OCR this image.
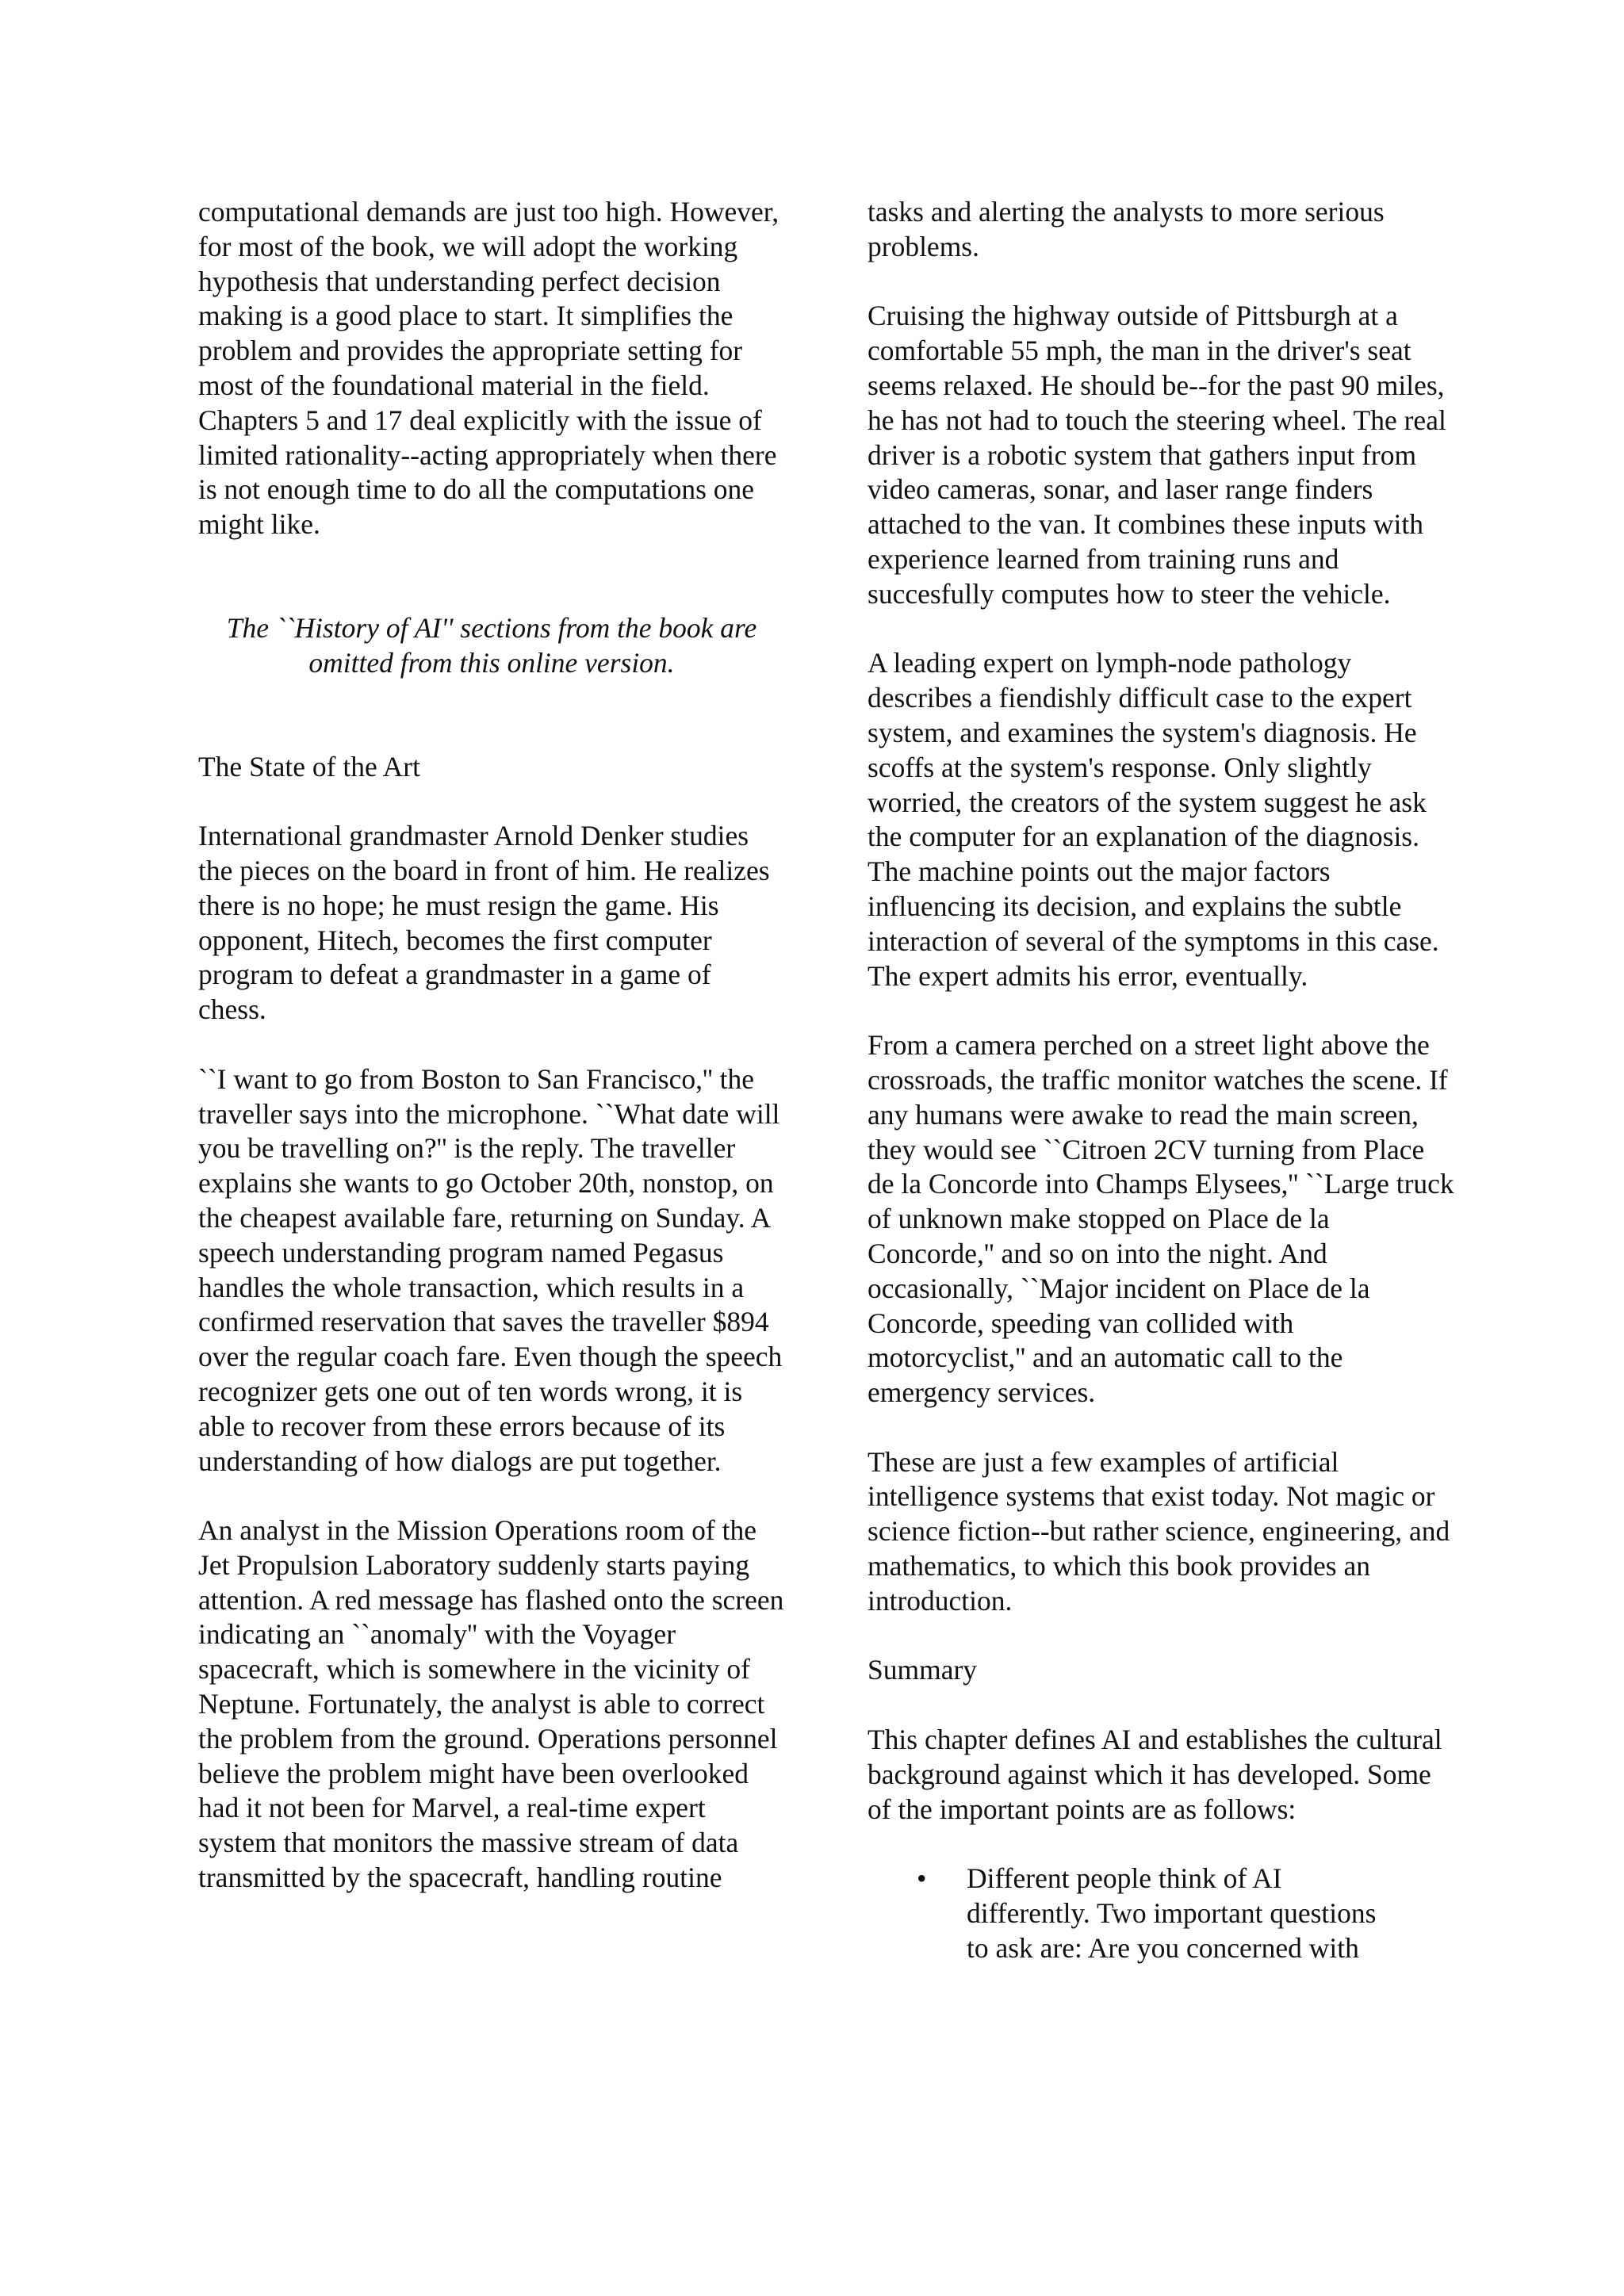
computational demands are just too high. However, for most of the book, we will adopt the working hypothesis that understanding perfect decision making is a good place to start. It simplifies the problem and provides the appropriate setting for most of the foundational material in the field. Chapters 5 and 17 deal explicitly with the issue of limited rationality--acting appropriately when there is not enough time to do all the computations one might like.

The ``History of AI'' sections from the book are omitted from this online version.

The State of the Art

International grandmaster Arnold Denker studies the pieces on the board in front of him. He realizes there is no hope; he must resign the game. His opponent, Hitech, becomes the first computer program to defeat a grandmaster in a game of chess.

``I want to go from Boston to San Francisco,'' the traveller says into the microphone. ``What date will you be travelling on?'' is the reply. The traveller explains she wants to go October 20th, nonstop, on the cheapest available fare, returning on Sunday. A speech understanding program named Pegasus handles the whole transaction, which results in a confirmed reservation that saves the traveller $894 over the regular coach fare. Even though the speech recognizer gets one out of ten words wrong, it is able to recover from these errors because of its understanding of how dialogs are put together.

An analyst in the Mission Operations room of the Jet Propulsion Laboratory suddenly starts paying attention. A red message has flashed onto the screen indicating an ``anomaly'' with the Voyager spacecraft, which is somewhere in the vicinity of Neptune. Fortunately, the analyst is able to correct the problem from the ground. Operations personnel believe the problem might have been overlooked had it not been for Marvel, a real-time expert system that monitors the massive stream of data transmitted by the spacecraft, handling routine

tasks and alerting the analysts to more serious problems.

Cruising the highway outside of Pittsburgh at a comfortable 55 mph, the man in the driver's seat seems relaxed. He should be--for the past 90 miles, he has not had to touch the steering wheel. The real driver is a robotic system that gathers input from video cameras, sonar, and laser range finders attached to the van. It combines these inputs with experience learned from training runs and succesfully computes how to steer the vehicle.

A leading expert on lymph-node pathology describes a fiendishly difficult case to the expert system, and examines the system's diagnosis. He scoffs at the system's response. Only slightly worried, the creators of the system suggest he ask the computer for an explanation of the diagnosis. The machine points out the major factors influencing its decision, and explains the subtle interaction of several of the symptoms in this case. The expert admits his error, eventually.

From a camera perched on a street light above the crossroads, the traffic monitor watches the scene. If any humans were awake to read the main screen, they would see ``Citroen 2CV turning from Place de la Concorde into Champs Elysees,'' ``Large truck of unknown make stopped on Place de la Concorde,'' and so on into the night. And occasionally, ``Major incident on Place de la Concorde, speeding van collided with motorcyclist,'' and an automatic call to the emergency services.

These are just a few examples of artificial intelligence systems that exist today. Not magic or science fiction--but rather science, engineering, and mathematics, to which this book provides an introduction.

Summary

This chapter defines AI and establishes the cultural background against which it has developed. Some of the important points are as follows:

• Different people think of AI differently. Two important questions to ask are: Are you concerned with
